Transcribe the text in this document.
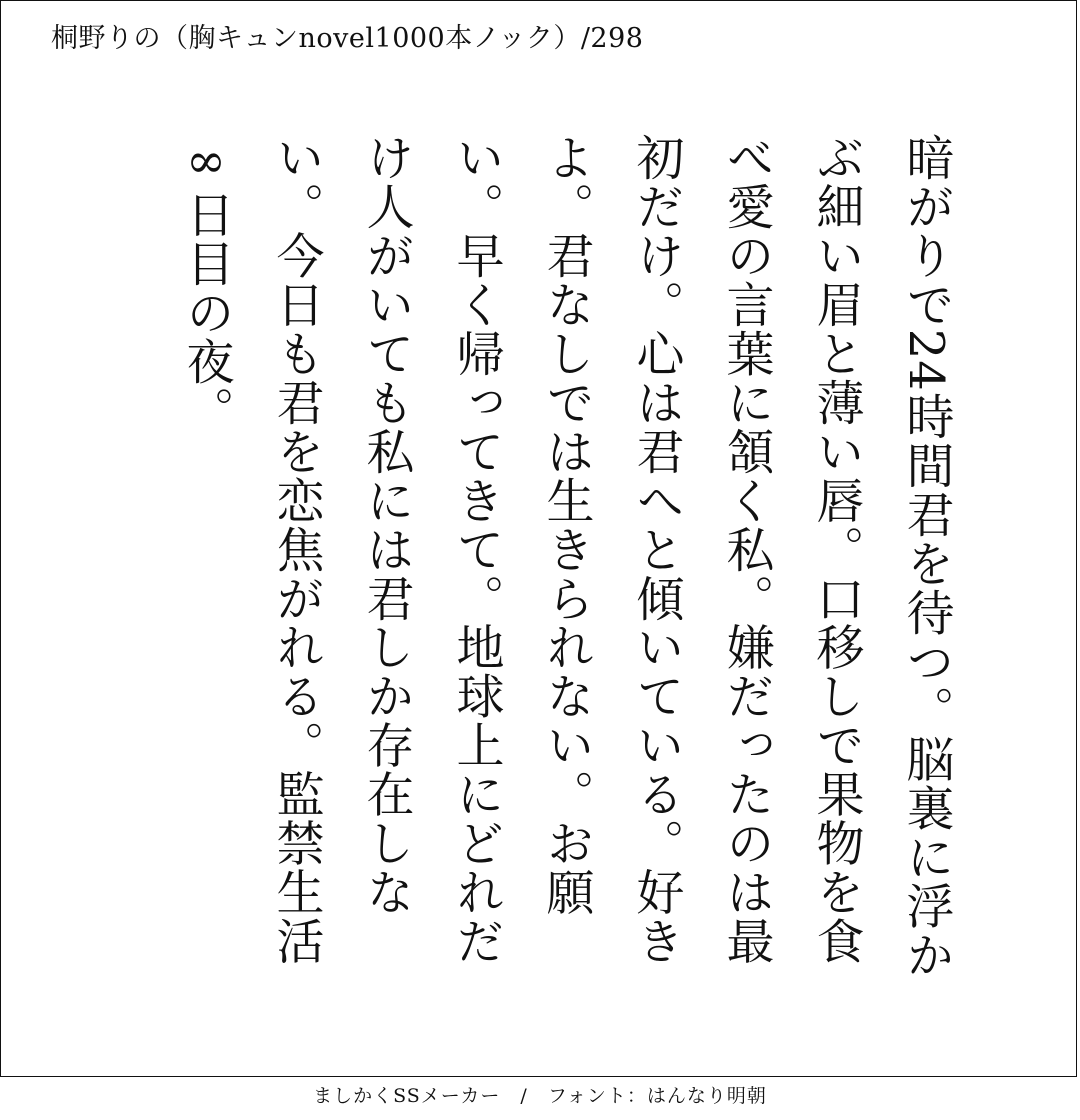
桐野りの（胸キュンnovel1000本ノック）/298
暗がりで24時間君を待つ。脳裏に浮かぶ細い眉と薄い唇。口移しで果物を食べ愛の言葉に頷く私。嫌だったのは最初だけ。心は君へと傾いている。好きよ。君なしでは生きられない。お願い。早く帰ってきて。地球上にどれだけ人がいても私には君しか存在しない。今日も君を恋焦がれる。監禁生活∞日目の夜。
ましかくSSメーカー　/　フォント：はんなり明朝
